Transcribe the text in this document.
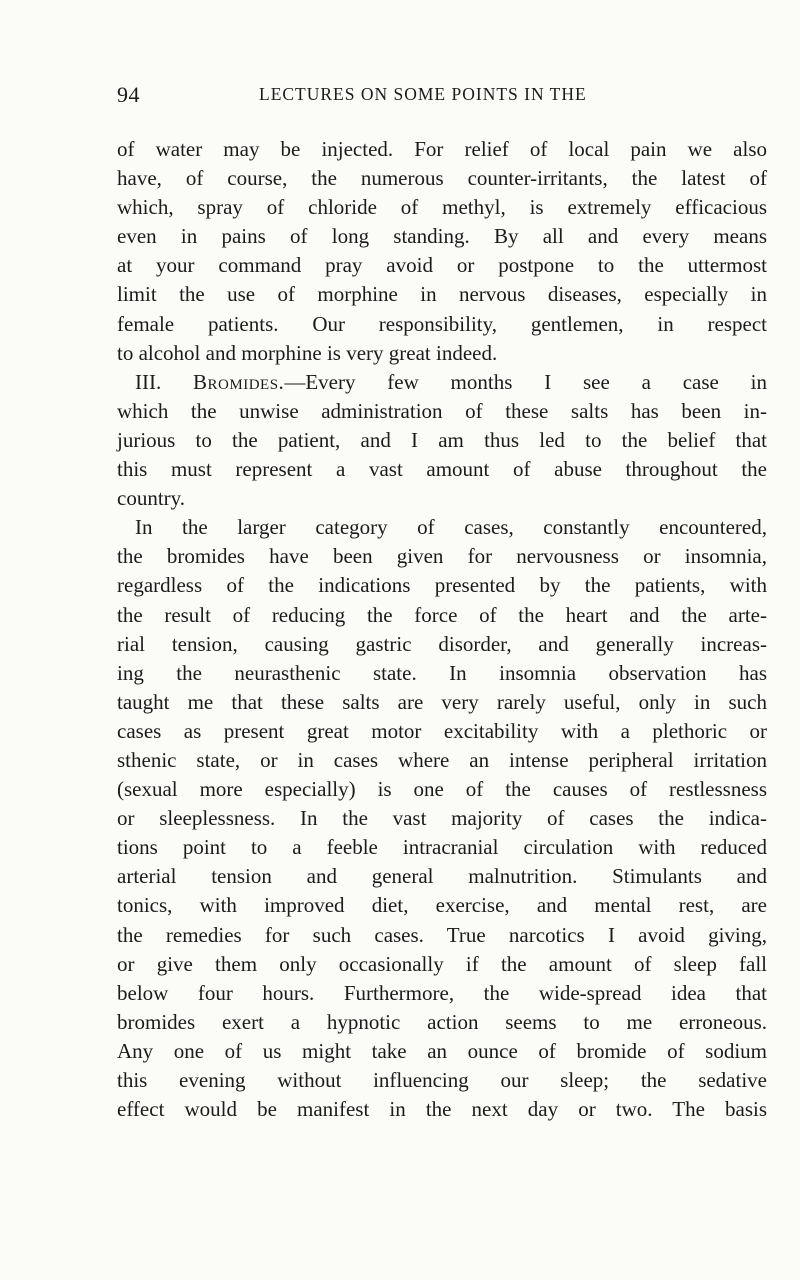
94	LECTURES ON SOME POINTS IN THE
of water may be injected. For relief of local pain we also
have, of course, the numerous counter-irritants, the latest of
which, spray of chloride of methyl, is extremely efficacious
even in pains of long standing. By all and every means
at your command pray avoid or postpone to the uttermost
limit the use of morphine in nervous diseases, especially in
female patients. Our responsibility, gentlemen, in respect
to alcohol and morphine is very great indeed.
III. Bromides.—Every few months I see a case in
which the unwise administration of these salts has been in-
jurious to the patient, and I am thus led to the belief that
this must represent a vast amount of abuse throughout the
country.
In the larger category of cases, constantly encountered,
the bromides have been given for nervousness or insomnia,
regardless of the indications presented by the patients, with
the result of reducing the force of the heart and the arte-
rial tension, causing gastric disorder, and generally increas-
ing the neurasthenic state. In insomnia observation has
taught me that these salts are very rarely useful, only in such
cases as present great motor excitability with a plethoric or
sthenic state, or in cases where an intense peripheral irritation
(sexual more especially) is one of the causes of restlessness
or sleeplessness. In the vast majority of cases the indica-
tions point to a feeble intracranial circulation with reduced
arterial tension and general malnutrition. Stimulants and
tonics, with improved diet, exercise, and mental rest, are
the remedies for such cases. True narcotics I avoid giving,
or give them only occasionally if the amount of sleep fall
below four hours. Furthermore, the wide-spread idea that
bromides exert a hypnotic action seems to me erroneous.
Any one of us might take an ounce of bromide of sodium
this evening without influencing our sleep; the sedative
effect would be manifest in the next day or two. The basis
